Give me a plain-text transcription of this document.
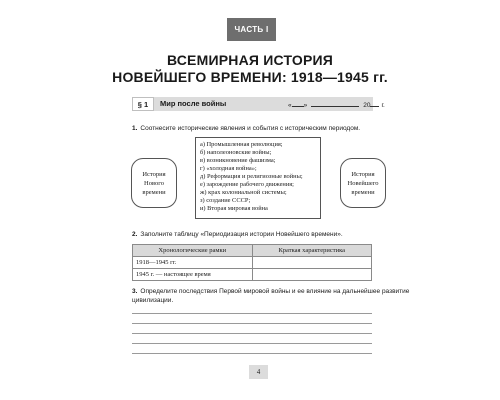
ЧАСТЬ I
ВСЕМИРНАЯ ИСТОРИЯ
НОВЕЙШЕГО ВРЕМЕНИ: 1918—1945 гг.
§ 1	Мир после войны	« »	20 г.
1. Соотнесите исторические явления и события с историческим периодом.
История
Нового
времени
а) Промышленная революция;
б) наполеоновские войны;
в) возникновение фашизма;
г) «холодная война»;
д) Реформация и религиозные войны;
е) зарождение рабочего движения;
ж) крах колониальной системы;
з) создание СССР;
и) Вторая мировая война
История
Новейшего
времени
2. Заполните таблицу «Периодизация истории Новейшего времени».
Хронологические рамки	Краткая характеристика
1918—1945 гг.	
1945 г. — настоящее время	
3. Определите последствия Первой мировой войны и ее влияние на дальнейшее развитие
цивилизации.
4
